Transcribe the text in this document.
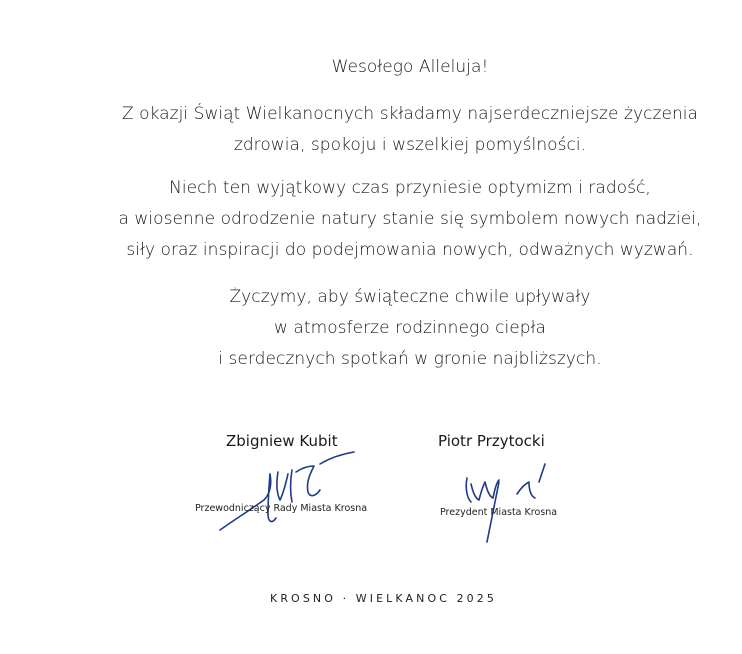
Wesołego Alleluja!
Z okazji Świąt Wielkanocnych składamy najserdeczniejsze życzenia
zdrowia, spokoju i wszelkiej pomyślności.
Niech ten wyjątkowy czas przyniesie optymizm i radość,
a wiosenne odrodzenie natury stanie się symbolem nowych nadziei,
siły oraz inspiracji do podejmowania nowych, odważnych wyzwań.
Życzymy, aby świąteczne chwile upływały
w atmosferze rodzinnego ciepła
i serdecznych spotkań w gronie najbliższych.
Zbigniew Kubit
Przewodniczący Rady Miasta Krosna
Piotr Przytocki
Prezydent Miasta Krosna
KROSNO · WIELKANOC 2025
